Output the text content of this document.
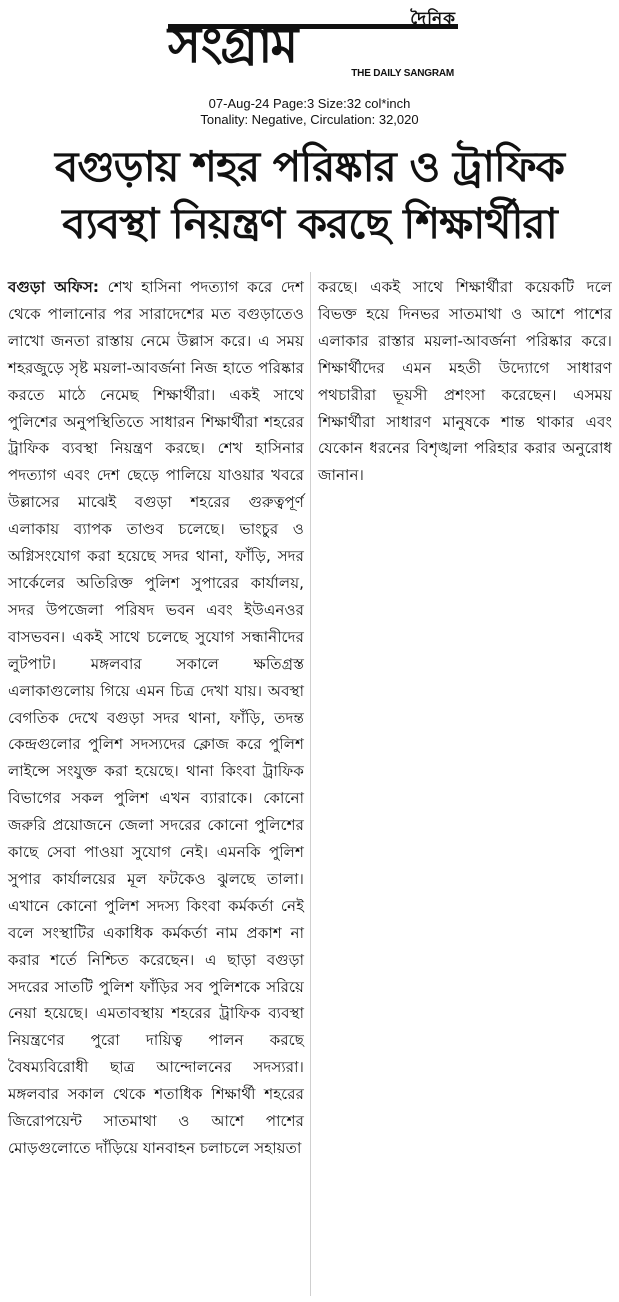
দৈনিক
সংগ্রাম	THE DAILY SANGRAM
07-Aug-24 Page:3 Size:32 col*inch
Tonality: Negative, Circulation: 32,020
বগুড়ায় শহর পরিষ্কার ও ট্রাফিক
ব্যবস্থা নিয়ন্ত্রণ করছে শিক্ষার্থীরা

বগুড়া অফিস: শেখ হাসিনা পদত্যাগ করে দেশ থেকে পালানোর পর সারাদেশের মত বগুড়াতেও লাখো জনতা রাস্তায় নেমে উল্লাস করে। এ সময় শহরজুড়ে সৃষ্ট ময়লা-আবর্জনা নিজ হাতে পরিষ্কার করতে মাঠে নেমেছ শিক্ষার্থীরা। একই সাথে পুলিশের অনুপস্থিতিতে সাধারন শিক্ষার্থীরা শহরের ট্রাফিক ব্যবস্থা নিয়ন্ত্রণ করছে। শেখ হাসিনার পদত্যাগ এবং দেশ ছেড়ে পালিয়ে যাওয়ার খবরে উল্লাসের মাঝেই বগুড়া শহরের গুরুত্বপূর্ণ এলাকায় ব্যাপক তাণ্ডব চলেছে। ভাংচুর ও অগ্নিসংযোগ করা হয়েছে সদর থানা, ফাঁড়ি, সদর সার্কেলের অতিরিক্ত পুলিশ সুপারের কার্যালয়, সদর উপজেলা পরিষদ ভবন এবং ইউএনওর বাসভবন। একই সাথে চলেছে সুযোগ সন্ধানীদের লুটপাট। মঙ্গলবার সকালে ক্ষতিগ্রস্ত এলাকাগুলোয় গিয়ে এমন চিত্র দেখা যায়। অবস্থা বেগতিক দেখে বগুড়া সদর থানা, ফাঁড়ি, তদন্ত কেন্দ্রগুলোর পুলিশ সদস্যদের ক্লোজ করে পুলিশ লাইন্সে সংযুক্ত করা হয়েছে। থানা কিংবা ট্রাফিক বিভাগের সকল পুলিশ এখন ব্যারাকে। কোনো জরুরি প্রয়োজনে জেলা সদরের কোনো পুলিশের কাছে সেবা পাওয়া সুযোগ নেই। এমনকি পুলিশ সুপার কার্যালয়ের মূল ফটকেও ঝুলছে তালা। এখানে কোনো পুলিশ সদস্য কিংবা কর্মকর্তা নেই বলে সংস্থাটির একাধিক কর্মকর্তা নাম প্রকাশ না করার শর্তে নিশ্চিত করেছেন। এ ছাড়া বগুড়া সদরের সাতটি পুলিশ ফাঁড়ির সব পুলিশকে সরিয়ে নেয়া হয়েছে। এমতাবস্থায় শহরের ট্রাফিক ব্যবস্থা নিয়ন্ত্রণের পুরো দায়িত্ব পালন করছে বৈষম্যবিরোধী ছাত্র আন্দোলনের সদস্যরা। মঙ্গলবার সকাল থেকে শতাধিক শিক্ষার্থী শহরের জিরোপয়েন্ট সাতমাথা ও আশে পাশের মোড়গুলোতে দাঁড়িয়ে যানবাহন চলাচলে সহায়তা

করছে। একই সাথে শিক্ষার্থীরা কয়েকটি দলে বিভক্ত হয়ে দিনভর সাতমাথা ও আশে পাশের এলাকার রাস্তার ময়লা-আবর্জনা পরিষ্কার করে। শিক্ষার্থীদের এমন মহতী উদ্যোগে সাধারণ পথচারীরা ভূয়সী প্রশংসা করেছেন। এসময় শিক্ষার্থীরা সাধারণ মানুষকে শান্ত থাকার এবং যেকোন ধরনের বিশৃঙ্খলা পরিহার করার অনুরোধ জানান।
